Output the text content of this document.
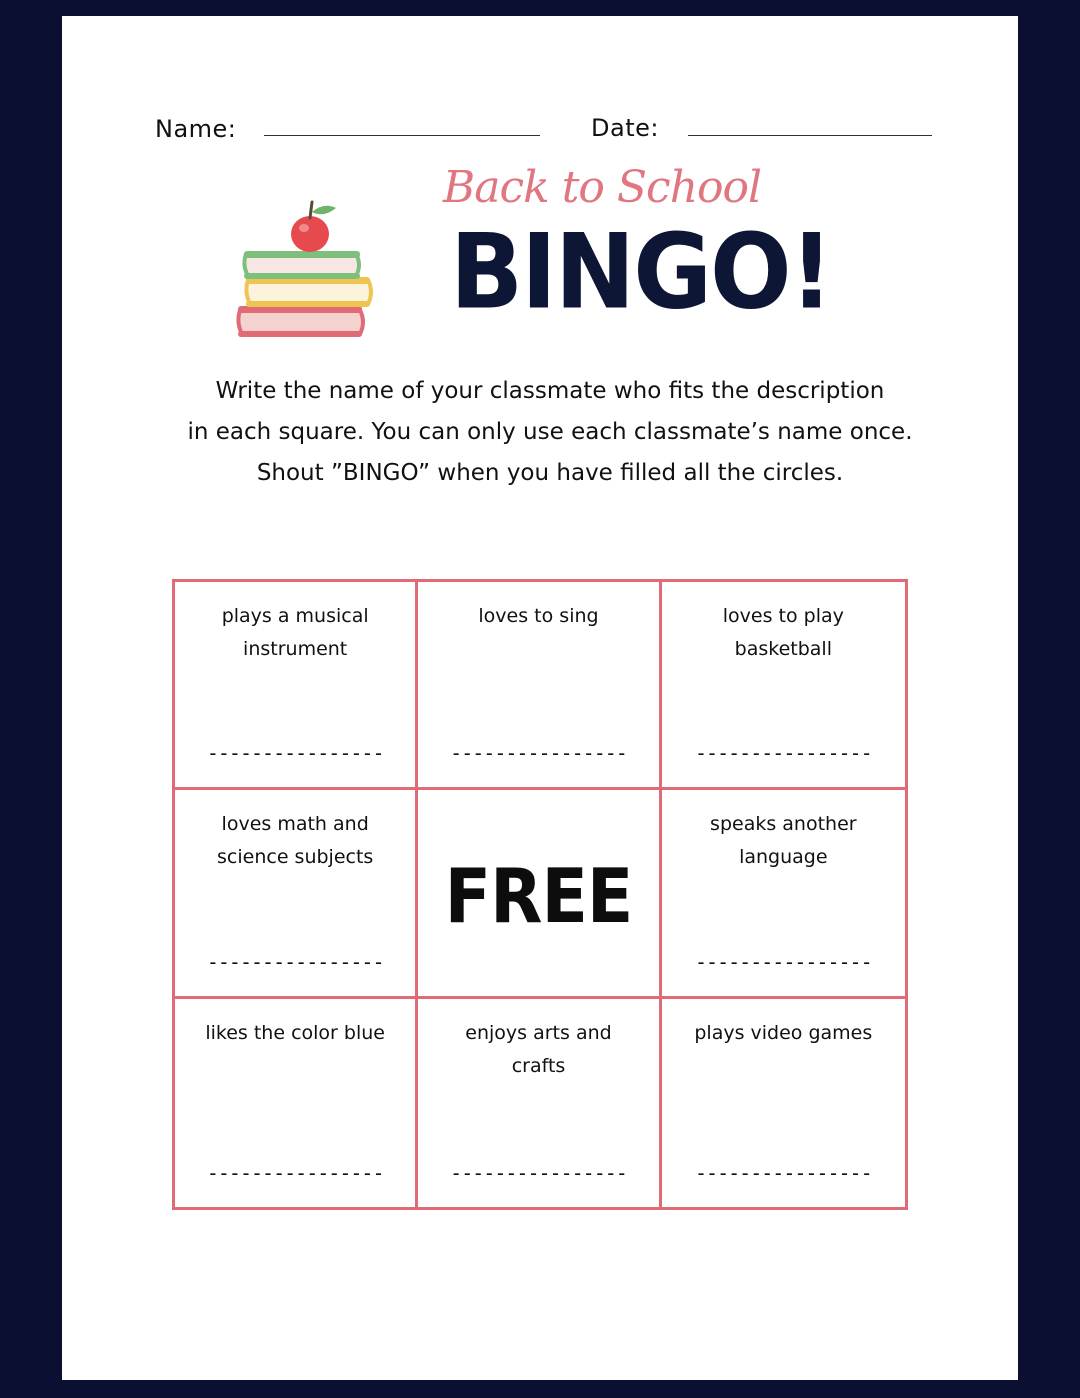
Name:	Date:
Back to School
BINGO!
Write the name of your classmate who fits the description
in each square. You can only use each classmate’s name once.
Shout ”BINGO” when you have filled all the circles.
plays a musical instrument
----------------
loves to sing
----------------
loves to play basketball
----------------
loves math and science subjects
----------------
FREE
speaks another language
----------------
likes the color blue
----------------
enjoys arts and crafts
----------------
plays video games
----------------
